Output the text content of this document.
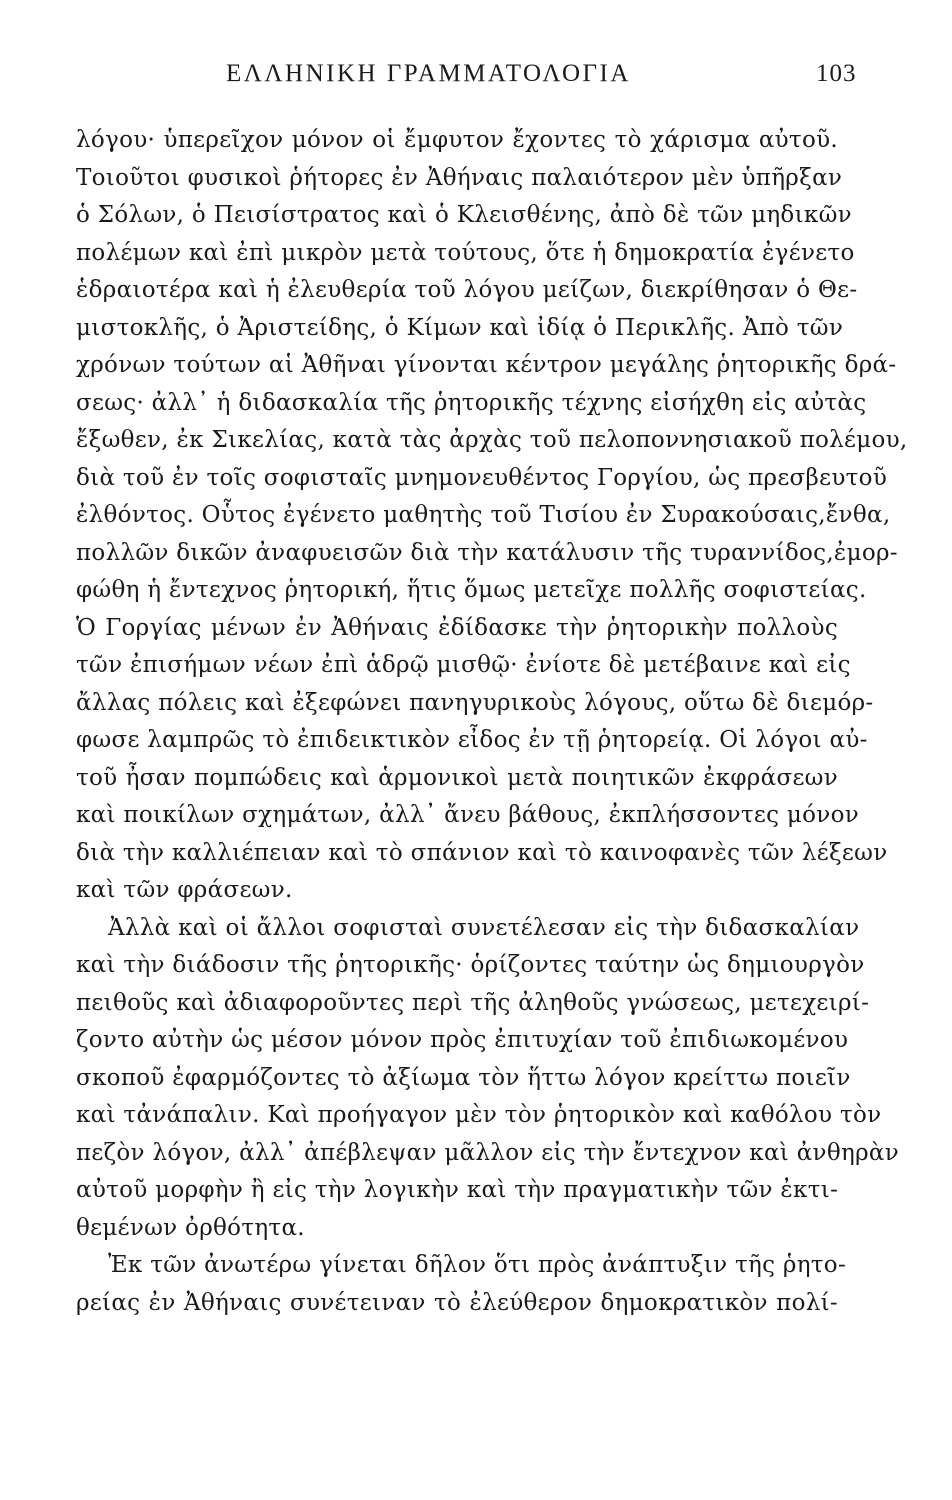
ΕΛΛΗΝΙΚΗ ΓΡΑΜΜΑΤΟΛΟΓΙΑ	103
λόγου· ὑπερεῖχον μόνον οἱ ἔμφυτον ἔχοντες τὸ χάρισμα αὐτοῦ.
Τοιοῦτοι φυσικοὶ ῥήτορες ἐν Ἀθήναις παλαιότερον μὲν ὑπῆρξαν
ὁ Σόλων, ὁ Πεισίστρατος καὶ ὁ Κλεισθένης, ἀπὸ δὲ τῶν μηδικῶν
πολέμων καὶ ἐπὶ μικρὸν μετὰ τούτους, ὅτε ἡ δημοκρατία ἐγένετο
ἑδραιοτέρα καὶ ἡ ἐλευθερία τοῦ λόγου μείζων, διεκρίθησαν ὁ Θε-
μιστοκλῆς, ὁ Ἀριστείδης, ὁ Κίμων καὶ ἰδίᾳ ὁ Περικλῆς. Ἀπὸ τῶν
χρόνων τούτων αἱ Ἀθῆναι γίνονται κέντρον μεγάλης ῥητορικῆς δρά-
σεως· ἀλλ᾽ ἡ διδασκαλία τῆς ῥητορικῆς τέχνης εἰσήχθη εἰς αὐτὰς
ἔξωθεν, ἐκ Σικελίας, κατὰ τὰς ἀρχὰς τοῦ πελοποννησιακοῦ πολέμου,
διὰ τοῦ ἐν τοῖς σοφισταῖς μνημονευθέντος Γοργίου, ὡς πρεσβευτοῦ
ἐλθόντος. Οὗτος ἐγένετο μαθητὴς τοῦ Τισίου ἐν Συρακούσαις,ἔνθα,
πολλῶν δικῶν ἀναφυεισῶν διὰ τὴν κατάλυσιν τῆς τυραννίδος,ἐμορ-
φώθη ἡ ἔντεχνος ῥητορική, ἥτις ὅμως μετεῖχε πολλῆς σοφιστείας.
Ὁ Γοργίας μένων ἐν Ἀθήναις ἐδίδασκε τὴν ῥητορικὴν πολλοὺς
τῶν ἐπισήμων νέων ἐπὶ ἁδρῷ μισθῷ· ἐνίοτε δὲ μετέβαινε καὶ εἰς
ἄλλας πόλεις καὶ ἐξεφώνει πανηγυρικοὺς λόγους, οὕτω δὲ διεμόρ-
φωσε λαμπρῶς τὸ ἐπιδεικτικὸν εἶδος ἐν τῇ ῥητορείᾳ. Οἱ λόγοι αὐ-
τοῦ ἦσαν πομπώδεις καὶ ἁρμονικοὶ μετὰ ποιητικῶν ἐκφράσεων
καὶ ποικίλων σχημάτων, ἀλλ᾽ ἄνευ βάθους, ἐκπλήσσοντες μόνον
διὰ τὴν καλλιέπειαν καὶ τὸ σπάνιον καὶ τὸ καινοφανὲς τῶν λέξεων
καὶ τῶν φράσεων.
Ἀλλὰ καὶ οἱ ἄλλοι σοφισταὶ συνετέλεσαν εἰς τὴν διδασκαλίαν
καὶ τὴν διάδοσιν τῆς ῥητορικῆς· ὁρίζοντες ταύτην ὡς δημιουργὸν
πειθοῦς καὶ ἀδιαφοροῦντες περὶ τῆς ἀληθοῦς γνώσεως, μετεχειρί-
ζοντο αὐτὴν ὡς μέσον μόνον πρὸς ἐπιτυχίαν τοῦ ἐπιδιωκομένου
σκοποῦ ἐφαρμόζοντες τὸ ἀξίωμα τὸν ἥττω λόγον κρείττω ποιεῖν
καὶ τἀνάπαλιν. Καὶ προήγαγον μὲν τὸν ῥητορικὸν καὶ καθόλου τὸν
πεζὸν λόγον, ἀλλ᾽ ἀπέβλεψαν μᾶλλον εἰς τὴν ἔντεχνον καὶ ἀνθηρὰν
αὐτοῦ μορφὴν ἢ εἰς τὴν λογικὴν καὶ τὴν πραγματικὴν τῶν ἐκτι-
θεμένων ὀρθότητα.
Ἐκ τῶν ἀνωτέρω γίνεται δῆλον ὅτι πρὸς ἀνάπτυξιν τῆς ῥητο-
ρείας ἐν Ἀθήναις συνέτειναν τὸ ἐλεύθερον δημοκρατικὸν πολί-
